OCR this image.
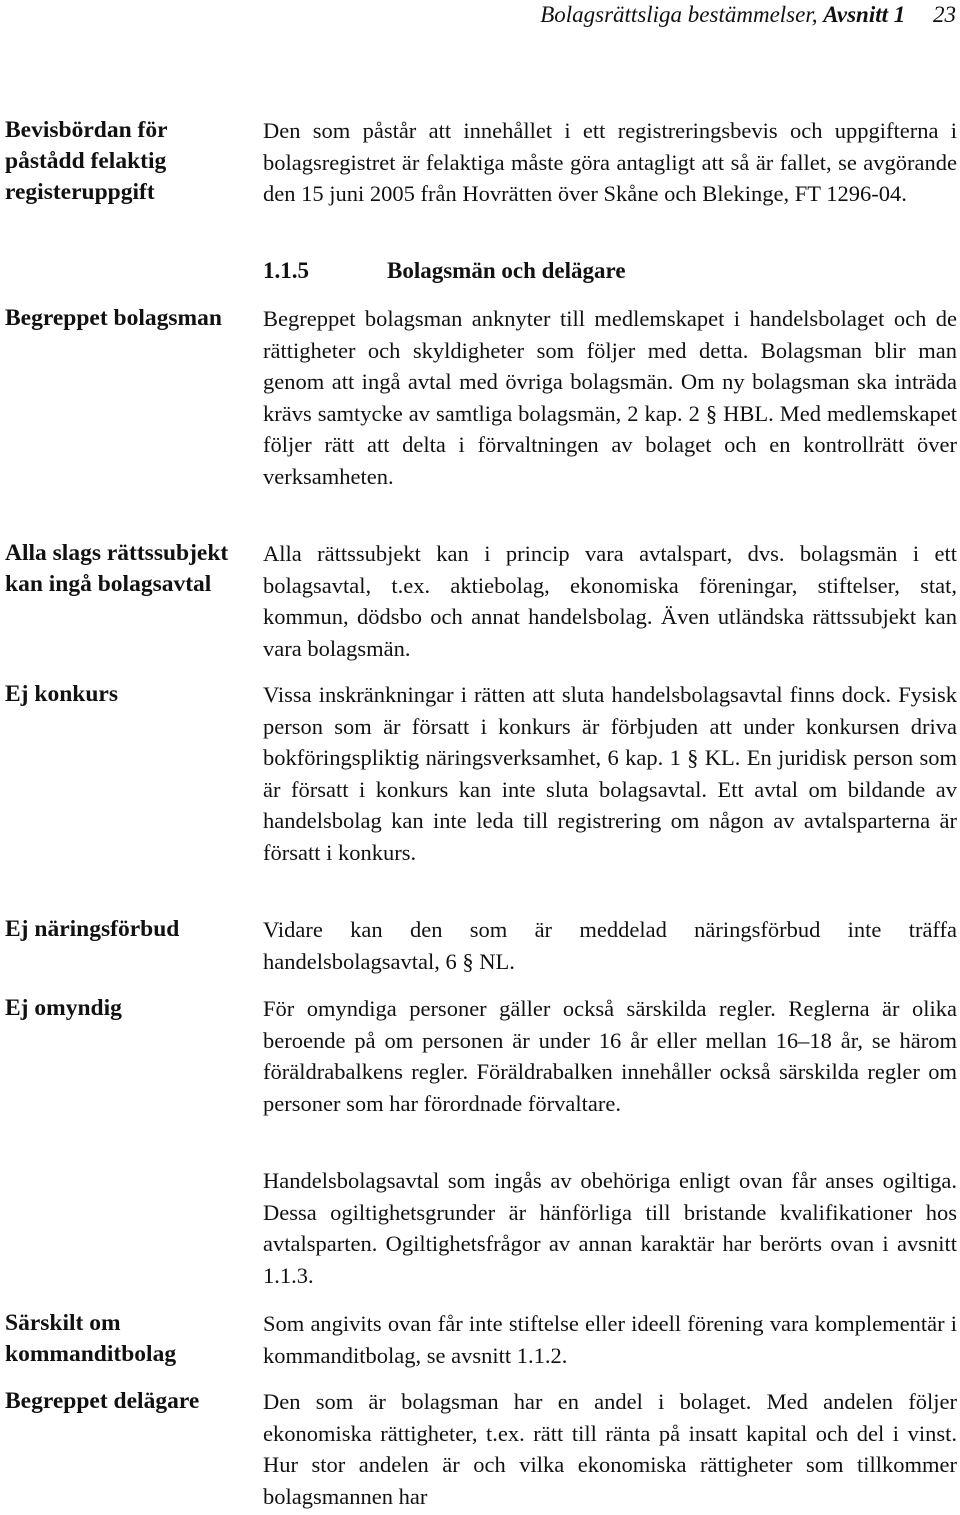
Bolagsrättsliga bestämmelser, Avsnitt 1 23
Bevisbördan för påstådd felaktig registeruppgift
Begreppet bolagsman
Alla slags rättssubjekt kan ingå bolagsavtal
Ej konkurs
Ej näringsförbud
Ej omyndig
Särskilt om kommanditbolag
Begreppet delägare
Den som påstår att innehållet i ett registreringsbevis och uppgifterna i bolagsregistret är felaktiga måste göra antagligt att så är fallet, se avgörande den 15 juni 2005 från Hovrätten över Skåne och Blekinge, FT 1296-04.
1.1.5	Bolagsmän och delägare
Begreppet bolagsman anknyter till medlemskapet i handelsbolaget och de rättigheter och skyldigheter som följer med detta. Bolagsman blir man genom att ingå avtal med övriga bolagsmän. Om ny bolagsman ska inträda krävs samtycke av samtliga bolagsmän, 2 kap. 2 § HBL. Med medlemskapet följer rätt att delta i förvaltningen av bolaget och en kontrollrätt över verksamheten.
Alla rättssubjekt kan i princip vara avtalspart, dvs. bolagsmän i ett bolagsavtal, t.ex. aktiebolag, ekonomiska föreningar, stiftelser, stat, kommun, dödsbo och annat handelsbolag. Även utländska rättssubjekt kan vara bolagsmän.
Vissa inskränkningar i rätten att sluta handelsbolagsavtal finns dock. Fysisk person som är försatt i konkurs är förbjuden att under konkursen driva bokföringspliktig näringsverksamhet, 6 kap. 1 § KL. En juridisk person som är försatt i konkurs kan inte sluta bolagsavtal. Ett avtal om bildande av handelsbolag kan inte leda till registrering om någon av avtalsparterna är försatt i konkurs.
Vidare kan den som är meddelad näringsförbud inte träffa handelsbolagsavtal, 6 § NL.
För omyndiga personer gäller också särskilda regler. Reglerna är olika beroende på om personen är under 16 år eller mellan 16–18 år, se härom föräldrabalkens regler. Föräldrabalken innehåller också särskilda regler om personer som har förordnade förvaltare.
Handelsbolagsavtal som ingås av obehöriga enligt ovan får anses ogiltiga. Dessa ogiltighetsgrunder är hänförliga till bristande kvalifikationer hos avtalsparten. Ogiltighetsfrågor av annan karaktär har berörts ovan i avsnitt 1.1.3.
Som angivits ovan får inte stiftelse eller ideell förening vara komplementär i kommanditbolag, se avsnitt 1.1.2.
Den som är bolagsman har en andel i bolaget. Med andelen följer ekonomiska rättigheter, t.ex. rätt till ränta på insatt kapital och del i vinst. Hur stor andelen är och vilka ekonomiska rättigheter som tillkommer bolagsmannen har
